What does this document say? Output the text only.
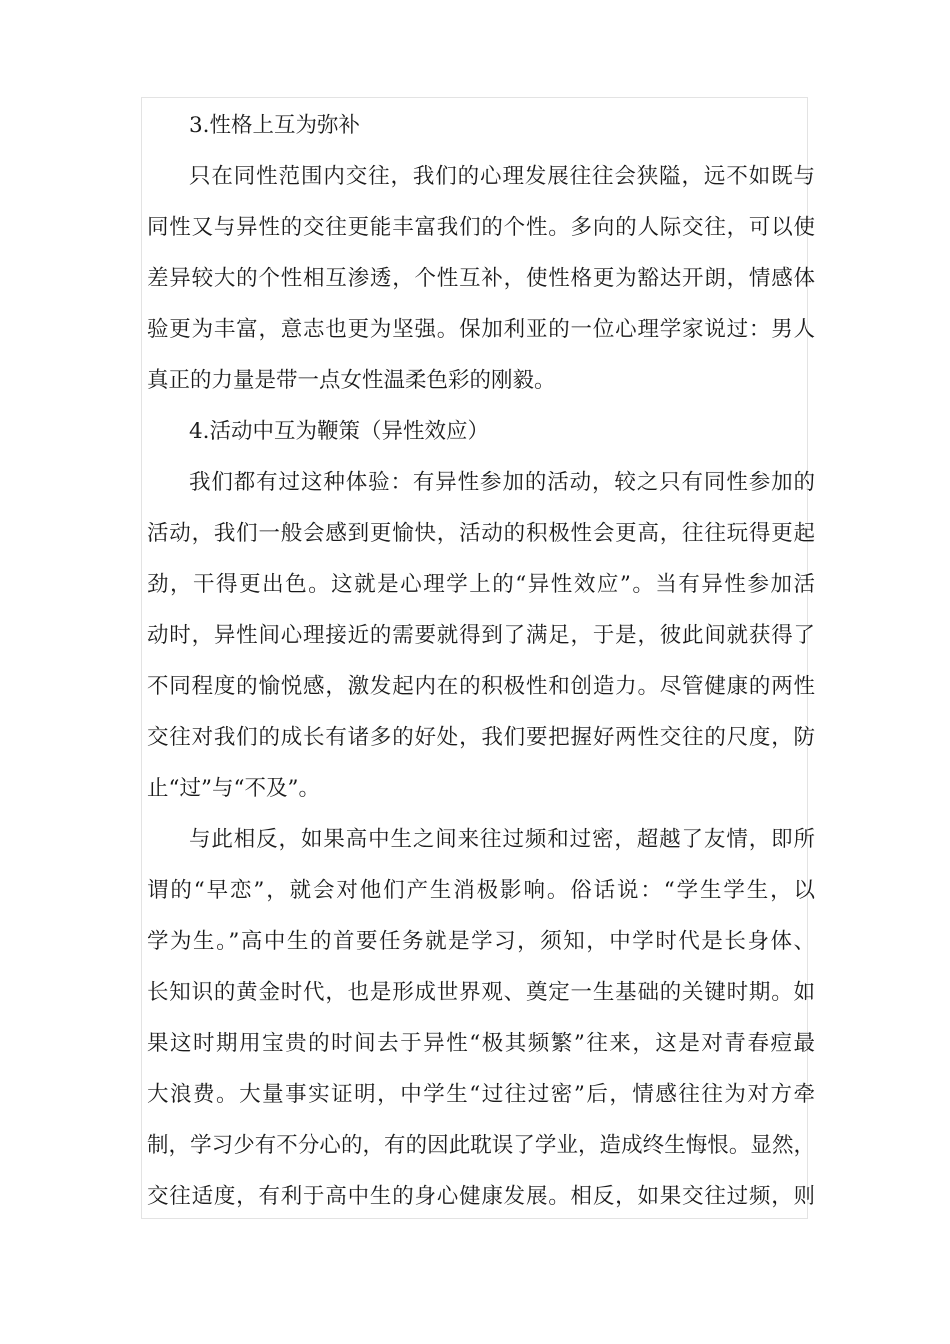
3.性格上互为弥补
只在同性范围内交往，我们的心理发展往往会狭隘，远不如既与
同性又与异性的交往更能丰富我们的个性。多向的人际交往，可以使
差异较大的个性相互渗透，个性互补，使性格更为豁达开朗，情感体
验更为丰富，意志也更为坚强。保加利亚的一位心理学家说过：男人
真正的力量是带一点女性温柔色彩的刚毅。
4.活动中互为鞭策（异性效应）
我们都有过这种体验：有异性参加的活动，较之只有同性参加的
活动，我们一般会感到更愉快，活动的积极性会更高，往往玩得更起
劲，干得更出色。这就是心理学上的“异性效应”。当有异性参加活
动时，异性间心理接近的需要就得到了满足，于是，彼此间就获得了
不同程度的愉悦感，激发起内在的积极性和创造力。尽管健康的两性
交往对我们的成长有诸多的好处，我们要把握好两性交往的尺度，防
止“过”与“不及”。
与此相反，如果高中生之间来往过频和过密，超越了友情，即所
谓的“早恋”，就会对他们产生消极影响。俗话说：“学生学生，以
学为生。”高中生的首要任务就是学习，须知，中学时代是长身体、
长知识的黄金时代，也是形成世界观、奠定一生基础的关键时期。如
果这时期用宝贵的时间去于异性“极其频繁”往来，这是对青春痘最
大浪费。大量事实证明，中学生“过往过密”后，情感往往为对方牵
制，学习少有不分心的，有的因此耽误了学业，造成终生悔恨。显然，
交往适度，有利于高中生的身心健康发展。相反，如果交往过频，则
